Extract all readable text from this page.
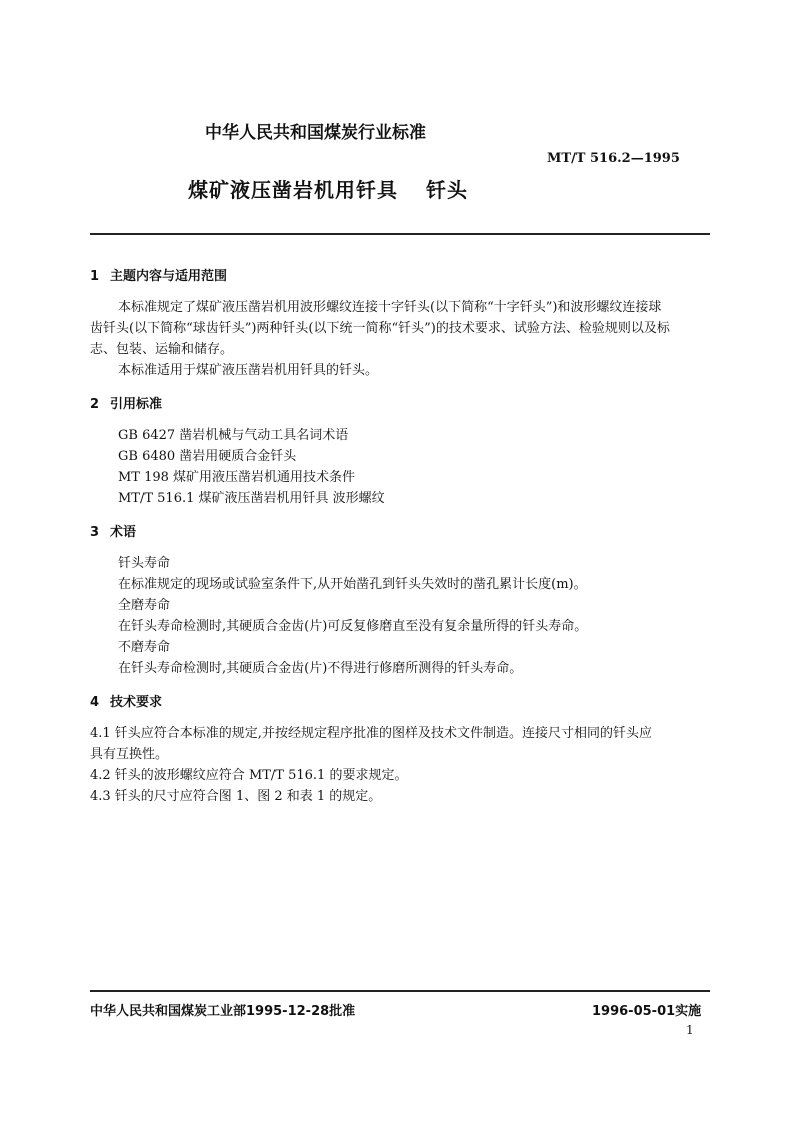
中华人民共和国煤炭行业标准
MT/T 516.2—1995
煤矿液压凿岩机用钎具 钎头
1 主题内容与适用范围
本标准规定了煤矿液压凿岩机用波形螺纹连接十字钎头(以下简称“十字钎头”)和波形螺纹连接球
齿钎头(以下简称“球齿钎头”)两种钎头(以下统一简称“钎头”)的技术要求、试验方法、检验规则以及标
志、包装、运输和储存。
本标准适用于煤矿液压凿岩机用钎具的钎头。
2 引用标准
GB 6427 凿岩机械与气动工具名词术语
GB 6480 凿岩用硬质合金钎头
MT 198 煤矿用液压凿岩机通用技术条件
MT/T 516.1 煤矿液压凿岩机用钎具 波形螺纹
3 术语
钎头寿命
在标准规定的现场或试验室条件下,从开始凿孔到钎头失效时的凿孔累计长度(m)。
全磨寿命
在钎头寿命检测时,其硬质合金齿(片)可反复修磨直至没有复余量所得的钎头寿命。
不磨寿命
在钎头寿命检测时,其硬质合金齿(片)不得进行修磨所测得的钎头寿命。
4 技术要求
4.1 钎头应符合本标准的规定,并按经规定程序批准的图样及技术文件制造。连接尺寸相同的钎头应
具有互换性。
4.2 钎头的波形螺纹应符合 MT/T 516.1 的要求规定。
4.3 钎头的尺寸应符合图 1、图 2 和表 1 的规定。
中华人民共和国煤炭工业部1995-12-28批准	1996-05-01实施
1
